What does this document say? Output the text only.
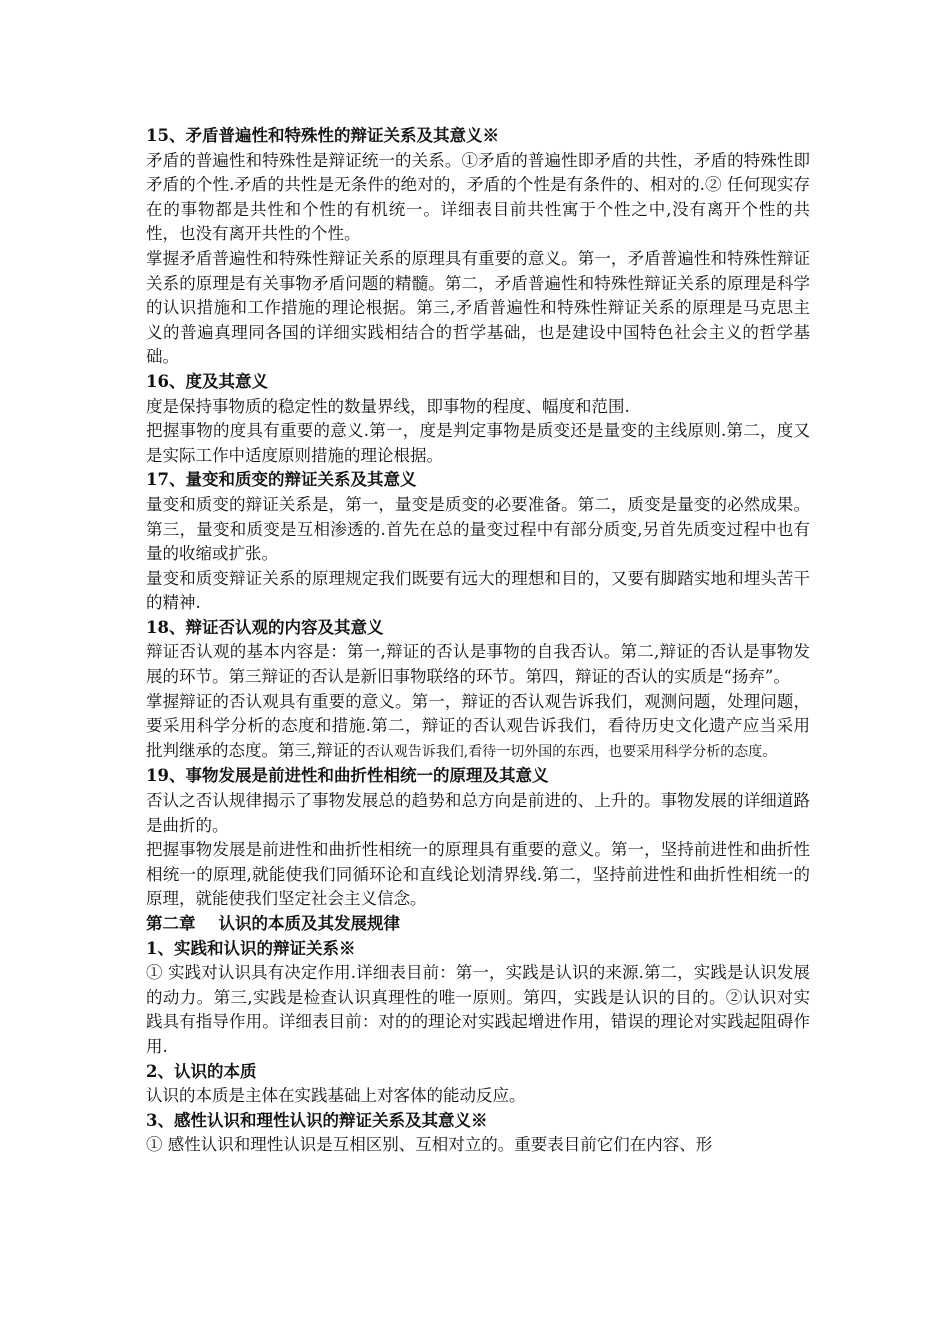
15、矛盾普遍性和特殊性的辩证关系及其意义※

矛盾的普遍性和特殊性是辩证统一的关系。①矛盾的普遍性即矛盾的共性，矛盾的特殊性即矛盾的个性.矛盾的共性是无条件的绝对的，矛盾的个性是有条件的、相对的.② 任何现实存在的事物都是共性和个性的有机统一。详细表目前共性寓于个性之中,没有离开个性的共性，也没有离开共性的个性。

掌握矛盾普遍性和特殊性辩证关系的原理具有重要的意义。第一，矛盾普遍性和特殊性辩证关系的原理是有关事物矛盾问题的精髓。第二，矛盾普遍性和特殊性辩证关系的原理是科学的认识措施和工作措施的理论根据。第三,矛盾普遍性和特殊性辩证关系的原理是马克思主义的普遍真理同各国的详细实践相结合的哲学基础，也是建设中国特色社会主义的哲学基础。

16、度及其意义

度是保持事物质的稳定性的数量界线，即事物的程度、幅度和范围.

把握事物的度具有重要的意义.第一，度是判定事物是质变还是量变的主线原则.第二，度又是实际工作中适度原则措施的理论根据。

17、量变和质变的辩证关系及其意义

量变和质变的辩证关系是，第一，量变是质变的必要准备。第二，质变是量变的必然成果。第三，量变和质变是互相渗透的.首先在总的量变过程中有部分质变,另首先质变过程中也有量的收缩或扩张。

量变和质变辩证关系的原理规定我们既要有远大的理想和目的，又要有脚踏实地和埋头苦干的精神.

18、辩证否认观的内容及其意义

辩证否认观的基本内容是：第一,辩证的否认是事物的自我否认。第二,辩证的否认是事物发展的环节。第三辩证的否认是新旧事物联络的环节。第四，辩证的否认的实质是“扬弃”。

掌握辩证的否认观具有重要的意义。第一，辩证的否认观告诉我们，观测问题，处理问题，要采用科学分析的态度和措施.第二，辩证的否认观告诉我们，看待历史文化遗产应当采用批判继承的态度。第三,辩证的否认观告诉我们,看待一切外国的东西，也要采用科学分析的态度。

19、事物发展是前进性和曲折性相统一的原理及其意义

否认之否认规律揭示了事物发展总的趋势和总方向是前进的、上升的。事物发展的详细道路是曲折的。

把握事物发展是前进性和曲折性相统一的原理具有重要的意义。第一，坚持前进性和曲折性相统一的原理,就能使我们同循环论和直线论划清界线.第二，坚持前进性和曲折性相统一的原理，就能使我们坚定社会主义信念。

第二章    认识的本质及其发展规律

1、实践和认识的辩证关系※

① 实践对认识具有决定作用.详细表目前：第一，实践是认识的来源.第二，实践是认识发展的动力。第三,实践是检查认识真理性的唯一原则。第四，实践是认识的目的。②认识对实践具有指导作用。详细表目前：对的的理论对实践起增进作用，错误的理论对实践起阻碍作用.

2、认识的本质

认识的本质是主体在实践基础上对客体的能动反应。

3、感性认识和理性认识的辩证关系及其意义※

① 感性认识和理性认识是互相区别、互相对立的。重要表目前它们在内容、形
